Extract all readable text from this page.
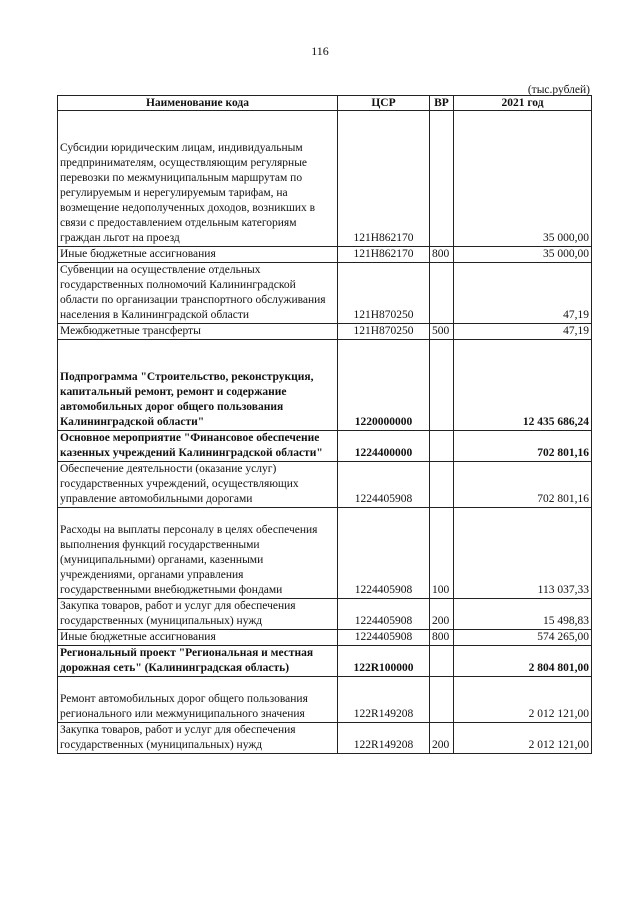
116
(тыс.рублей)
Наименование кода	ЦСР	ВР	2021 год

Субсидии юридическим лицам, индивидуальным предпринимателям, осуществляющим регулярные перевозки по межмуниципальным маршрутам по регулируемым и нерегулируемым тарифам, на возмещение недополученных доходов, возникших в связи с предоставлением отдельным категориям граждан льгот на проезд	121Н862170		35 000,00
Иные бюджетные ассигнования	121Н862170	800	35 000,00
Субвенции на осуществление отдельных государственных полномочий Калининградской области по организации транспортного обслуживания населения в Калининградской области	121Н870250		47,19
Межбюджетные трансферты	121Н870250	500	47,19

Подпрограмма "Строительство, реконструкция, капитальный ремонт, ремонт и содержание автомобильных дорог общего пользования Калининградской области"	1220000000		12 435 686,24
Основное мероприятие "Финансовое обеспечение казенных учреждений Калининградской области"	1224400000		702 801,16
Обеспечение деятельности (оказание услуг) государственных учреждений, осуществляющих управление автомобильными дорогами	1224405908		702 801,16

Расходы на выплаты персоналу в целях обеспечения выполнения функций государственными (муниципальными) органами, казенными учреждениями, органами управления государственными внебюджетными фондами	1224405908	100	113 037,33
Закупка товаров, работ и услуг для обеспечения государственных (муниципальных) нужд	1224405908	200	15 498,83
Иные бюджетные ассигнования	1224405908	800	574 265,00
Региональный проект "Региональная и местная дорожная сеть" (Калининградская область)	122R100000		2 804 801,00

Ремонт автомобильных дорог общего пользования регионального или межмуниципального значения	122R149208		2 012 121,00
Закупка товаров, работ и услуг для обеспечения государственных (муниципальных) нужд	122R149208	200	2 012 121,00
